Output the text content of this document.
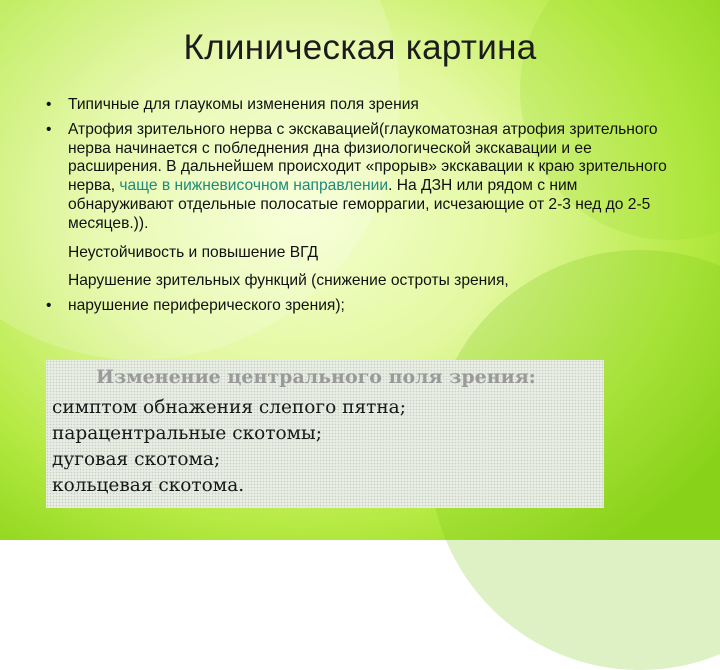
Клиническая картина
• Типичные для глаукомы изменения поля зрения
• Атрофия зрительного нерва с экскавацией(глаукоматозная атрофия зрительного нерва начинается с побледнения дна физиологической экскавации и ее расширения. В дальнейшем происходит «прорыв» экскавации к краю зрительного нерва, чаще в нижневисочном направлении. На ДЗН или рядом с ним обнаруживают отдельные полосатые геморрагии, исчезающие от 2-3 нед до 2-5 месяцев.)).
Неустойчивость и повышение ВГД
Нарушение зрительных функций (снижение остроты зрения,
• нарушение периферического зрения);
Изменение центрального поля зрения:
симптом обнажения слепого пятна;
парацентральные скотомы;
дуговая скотома;
кольцевая скотома.
